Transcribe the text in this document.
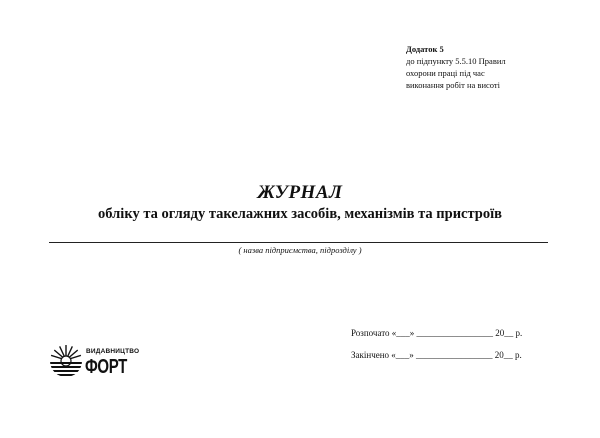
Додаток 5
до підпункту 5.5.10 Правил
охорони праці під час
виконання робіт на висоті
ЖУРНАЛ
обліку та огляду такелажних засобів, механізмів та пристроїв
( назва підприємства, підрозділу )
Розпочато «___» _________________ 20__ р.
Закінчено «___» _________________ 20__ р.
ВИДАВНИЦТВО
ФОРТ
